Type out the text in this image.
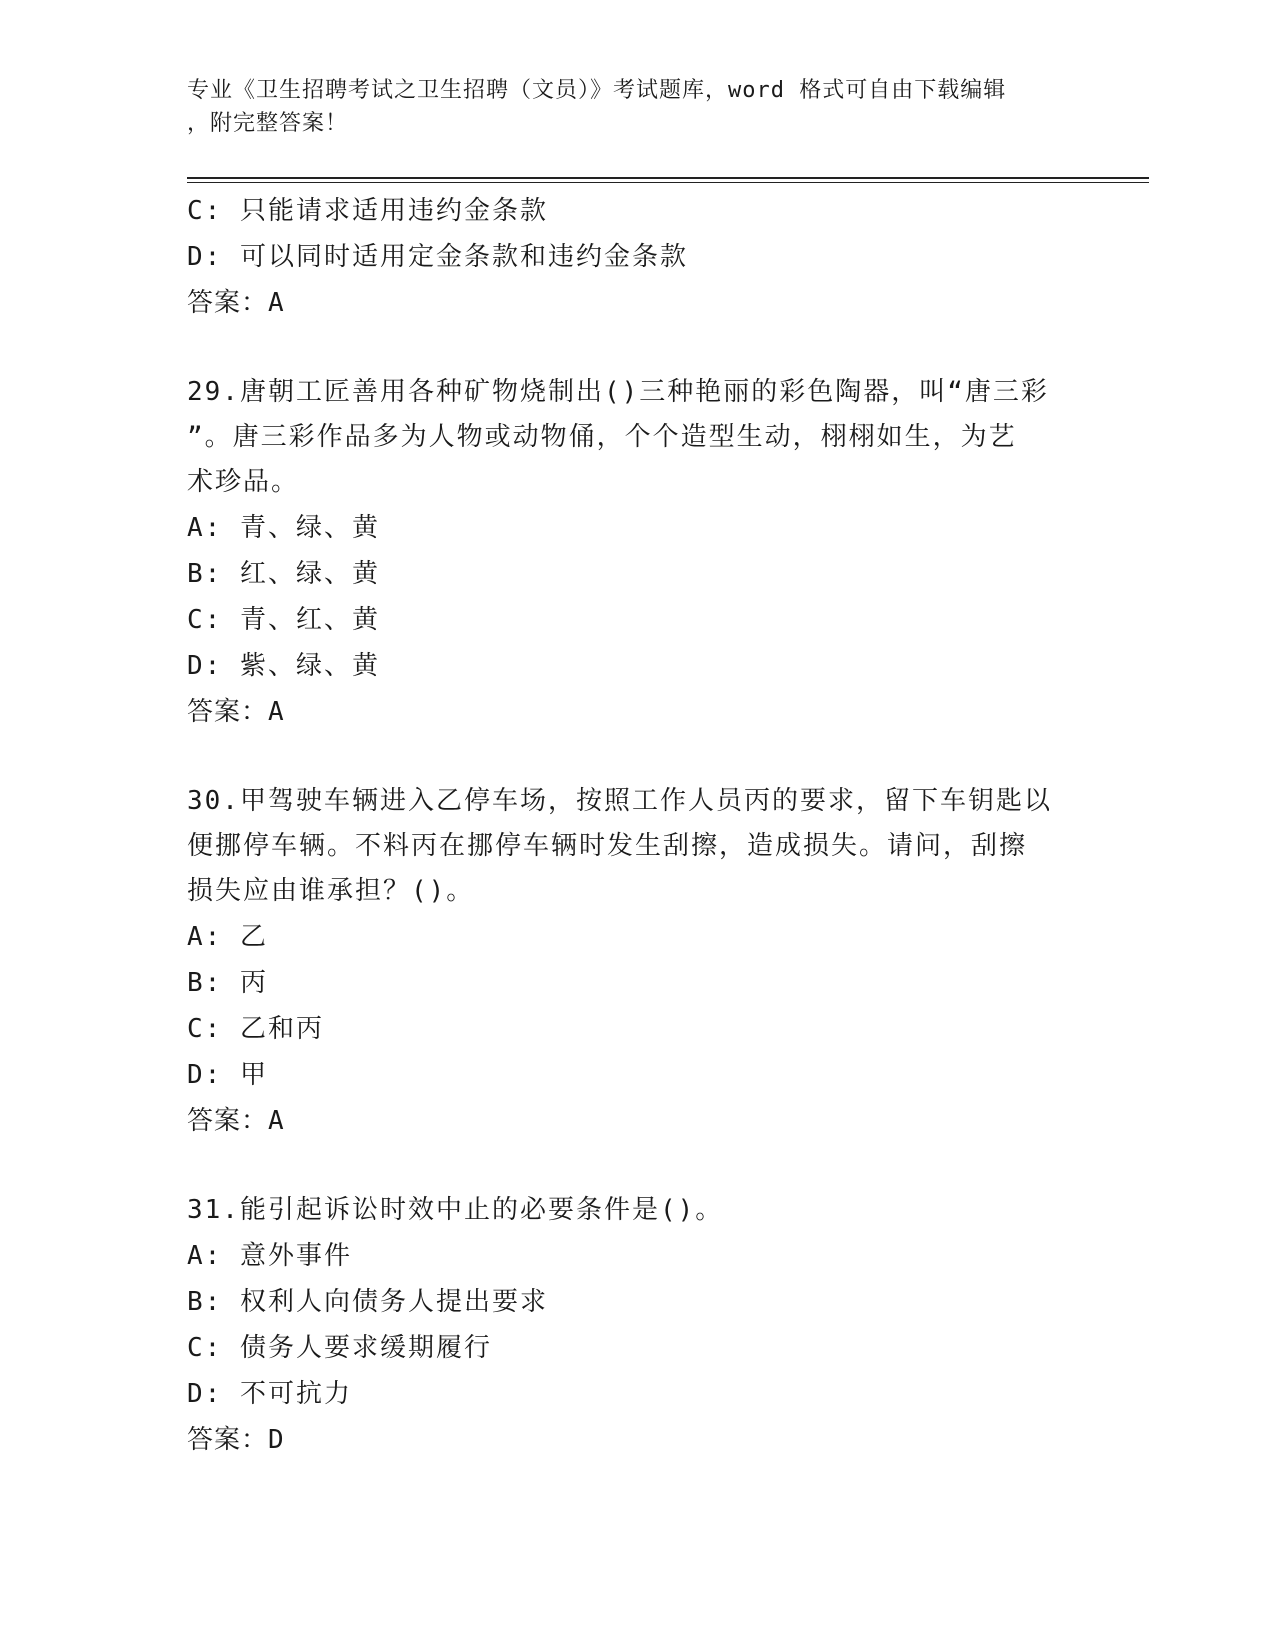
专业《卫生招聘考试之卫生招聘（文员）》考试题库，word 格式可自由下载编辑
，附完整答案！
C: 只能请求适用违约金条款
D: 可以同时适用定金条款和违约金条款
答案：A
29.唐朝工匠善用各种矿物烧制出()三种艳丽的彩色陶器，叫“唐三彩
”。唐三彩作品多为人物或动物俑，个个造型生动，栩栩如生，为艺
术珍品。
A: 青、绿、黄
B: 红、绿、黄
C: 青、红、黄
D: 紫、绿、黄
答案：A
30.甲驾驶车辆进入乙停车场，按照工作人员丙的要求，留下车钥匙以
便挪停车辆。不料丙在挪停车辆时发生刮擦，造成损失。请问，刮擦
损失应由谁承担？()。
A: 乙
B: 丙
C: 乙和丙
D: 甲
答案：A
31.能引起诉讼时效中止的必要条件是()。
A: 意外事件
B: 权利人向债务人提出要求
C: 债务人要求缓期履行
D: 不可抗力
答案：D
